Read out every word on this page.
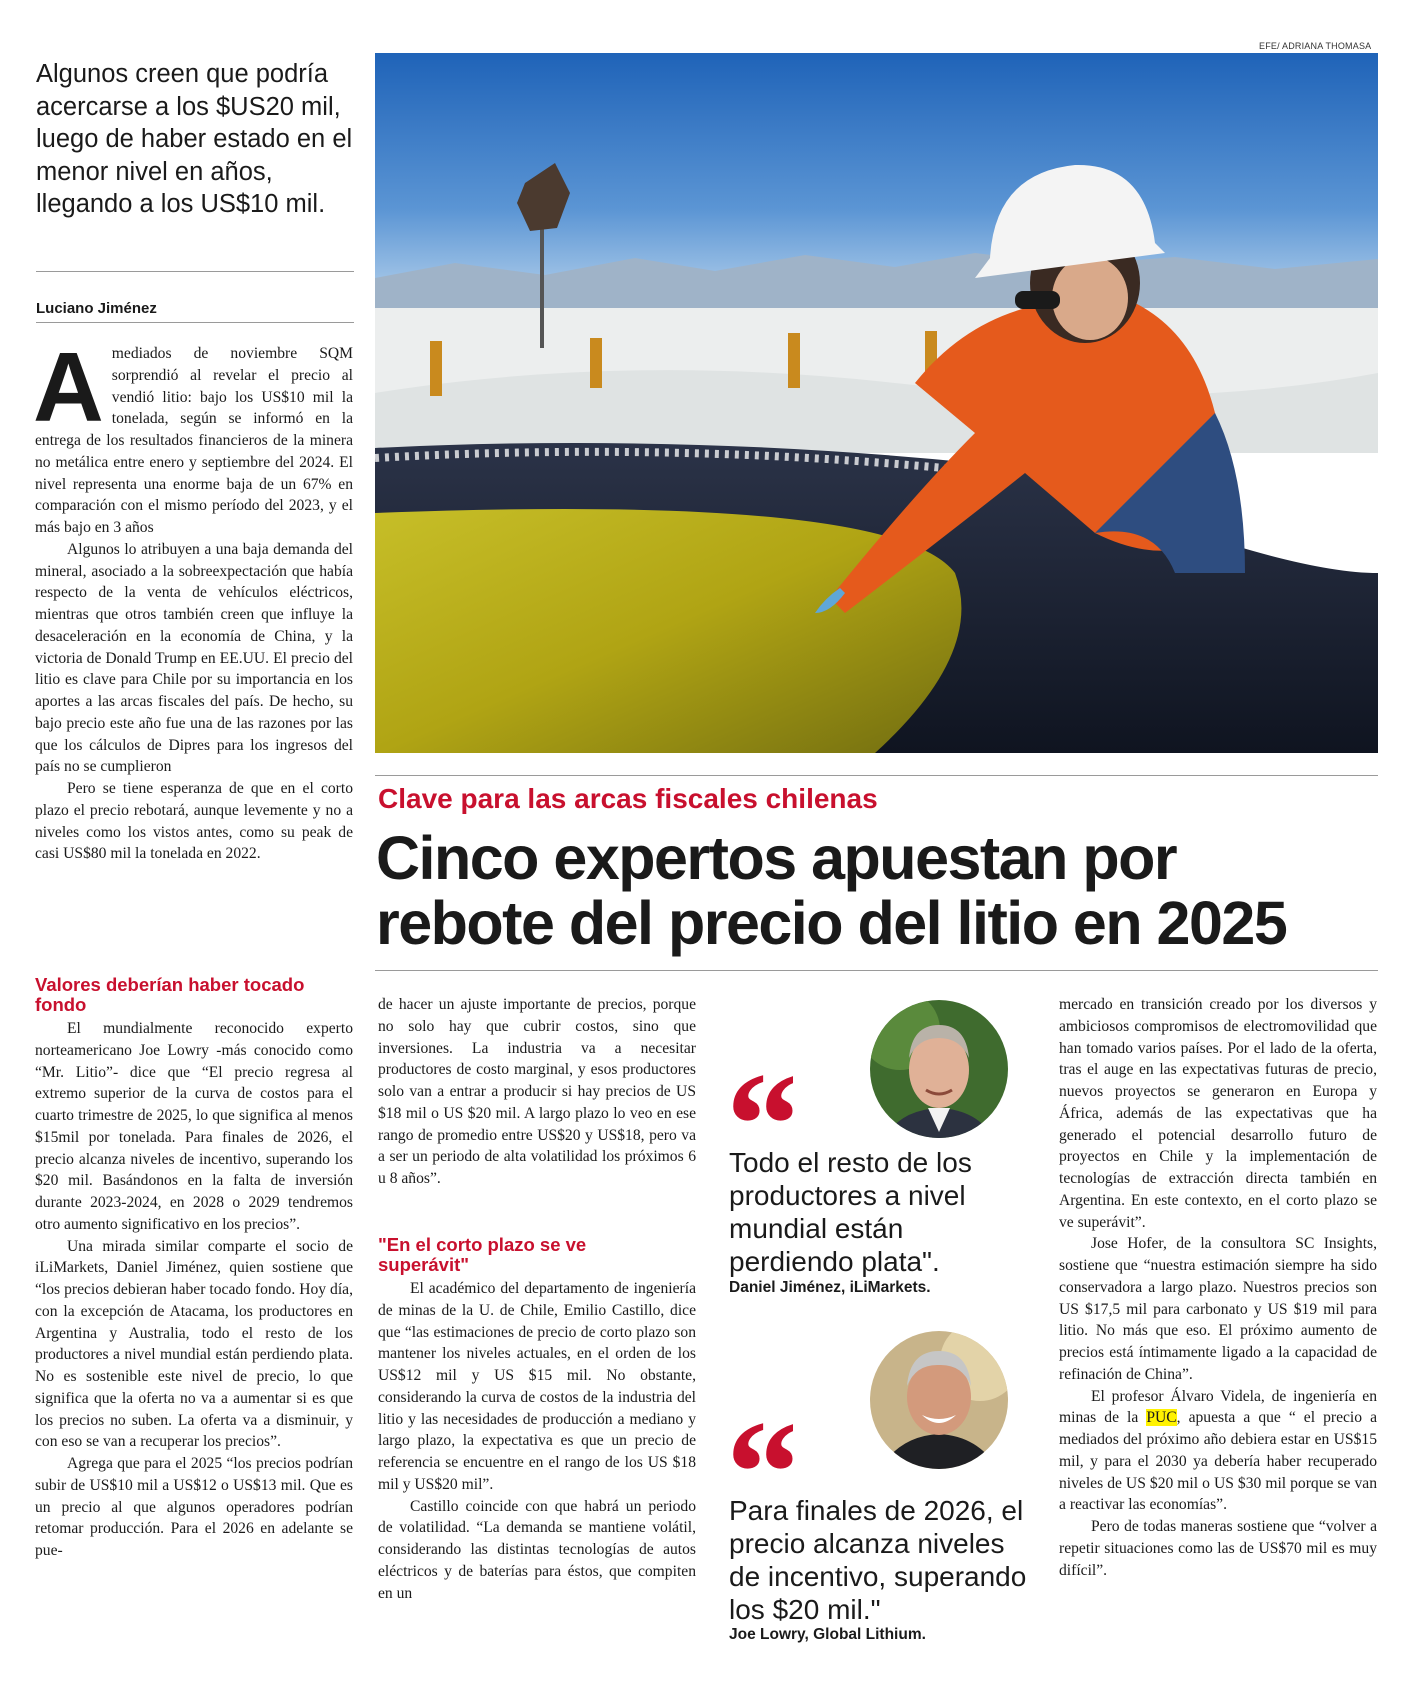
Algunos creen que podría acercarse a los $US20 mil, luego de haber estado en el menor nivel en años, llegando a los US$10 mil.
Luciano Jiménez

Amediados de noviembre SQM sorprendió al revelar el precio al vendió litio: bajo los US$10 mil la tonelada, según se informó en la entrega de los resultados financieros de la minera no metálica entre enero y septiembre del 2024. El nivel representa una enorme baja de un 67% en comparación con el mismo período del 2023, y el más bajo en 3 años

Algunos lo atribuyen a una baja demanda del mineral, asociado a la sobreexpectación que había respecto de la venta de vehículos eléctricos, mientras que otros también creen que influye la desaceleración en la economía de China, y la victoria de Donald Trump en EE.UU. El precio del litio es clave para Chile por su importancia en los aportes a las arcas fiscales del país. De hecho, su bajo precio este año fue una de las razones por las que los cálculos de Dipres para los ingresos del país no se cumplieron

Pero se tiene esperanza de que en el corto plazo el precio rebotará, aunque levemente y no a niveles como los vistos antes, como su peak de casi US$80 mil la tonelada en 2022.

Valores deberían haber tocado fondo

El mundialmente reconocido experto norteamericano Joe Lowry -más conocido como “Mr. Litio”- dice que “El precio regresa al extremo superior de la curva de costos para el cuarto trimestre de 2025, lo que significa al menos $15mil por tonelada. Para finales de 2026, el precio alcanza niveles de incentivo, superando los $20 mil. Basándonos en la falta de inversión durante 2023-2024, en 2028 o 2029 tendremos otro aumento significativo en los precios”.

Una mirada similar comparte el socio de iLiMarkets, Daniel Jiménez, quien sostiene que “los precios debieran haber tocado fondo. Hoy día, con la excepción de Atacama, los productores en Argentina y Australia, todo el resto de los productores a nivel mundial están perdiendo plata. No es sostenible este nivel de precio, lo que significa que la oferta no va a aumentar si es que los precios no suben. La oferta va a disminuir, y con eso se van a recuperar los precios”.

Agrega que para el 2025 “los precios podrían subir de US$10 mil a US$12 o US$13 mil. Que es un precio al que algunos operadores podrían retomar producción. Para el 2026 en adelante se pue-

EFE/ ADRIANA THOMASA
Clave para las arcas fiscales chilenas
Cinco expertos apuestan por
rebote del precio del litio en 2025

de hacer un ajuste importante de precios, porque no solo hay que cubrir costos, sino que inversiones. La industria va a necesitar productores de costo marginal, y esos productores solo van a entrar a producir si hay precios de US $18 mil o US $20 mil. A largo plazo lo veo en ese rango de promedio entre US$20 y US$18, pero va a ser un periodo de alta volatilidad los próximos 6 u 8 años”.

"En el corto plazo se ve superávit"

El académico del departamento de ingeniería de minas de la U. de Chile, Emilio Castillo, dice que “las estimaciones de precio de corto plazo son mantener los niveles actuales, en el orden de los US$12 mil y US $15 mil. No obstante, considerando la curva de costos de la industria del litio y las necesidades de producción a mediano y largo plazo, la expectativa es que un precio de referencia se encuentre en el rango de los US $18 mil y US$20 mil”.

Castillo coincide con que habrá un periodo de volatilidad. “La demanda se mantiene volátil, considerando las distintas tecnologías de autos eléctricos y de baterías para éstos, que compiten en un

“
Todo el resto de los productores a nivel mundial están perdiendo plata".
Daniel Jiménez, iLiMarkets.
“
Para finales de 2026, el precio alcanza niveles de incentivo, superando los $20 mil."
Joe Lowry, Global Lithium.

mercado en transición creado por los diversos y ambiciosos compromisos de electromovilidad que han tomado varios países. Por el lado de la oferta, tras el auge en las expectativas futuras de precio, nuevos proyectos se generaron en Europa y África, además de las expectativas que ha generado el potencial desarrollo futuro de proyectos en Chile y la implementación de tecnologías de extracción directa también en Argentina. En este contexto, en el corto plazo se ve superávit”.

Jose Hofer, de la consultora SC Insights, sostiene que “nuestra estimación siempre ha sido conservadora a largo plazo. Nuestros precios son US $17,5 mil para carbonato y US $19 mil para litio. No más que eso. El próximo aumento de precios está íntimamente ligado a la capacidad de refinación de China”.

El profesor Álvaro Videla, de ingeniería en minas de la PUC, apuesta a que “ el precio a mediados del próximo año debiera estar en US$15 mil, y para el 2030 ya debería haber recuperado niveles de US $20 mil o US $30 mil porque se van a reactivar las economías”.

Pero de todas maneras sostiene que “volver a repetir situaciones como las de US$70 mil es muy difícil”.
